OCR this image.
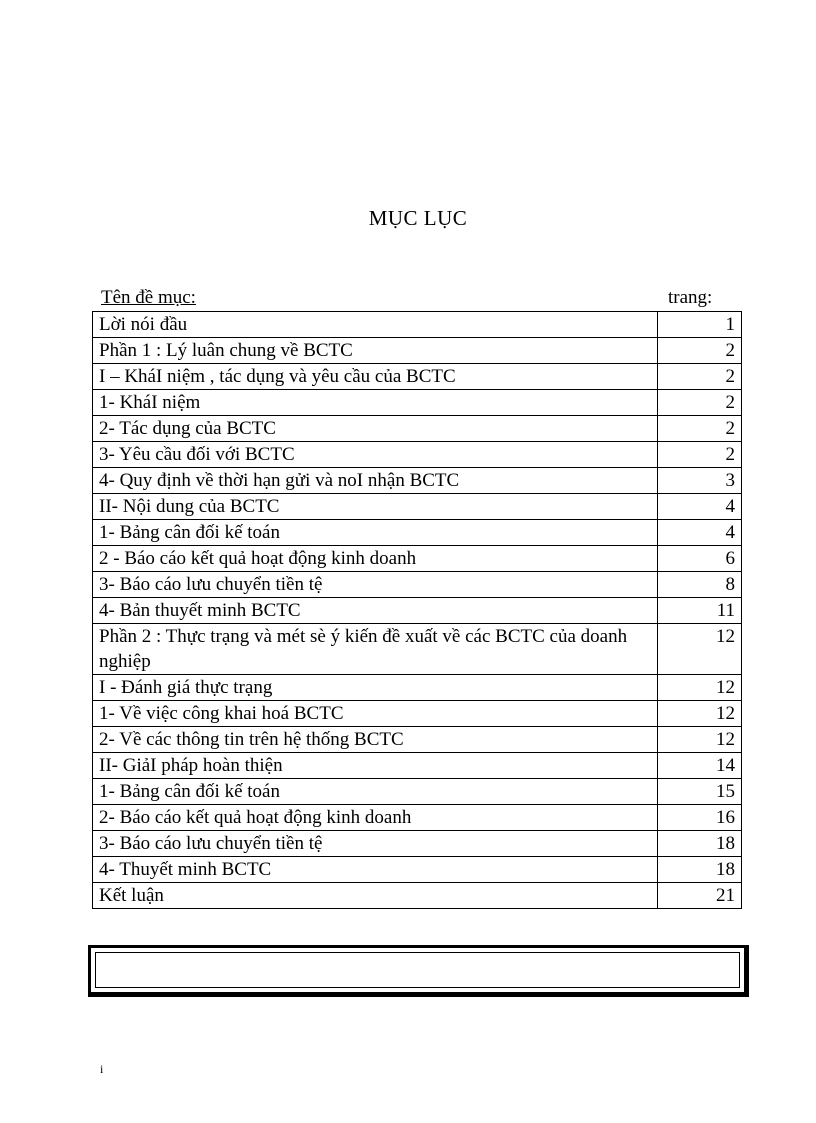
MỤC LỤC
Tên đề mục:	trang:
Lời nói đầu	1
Phần 1 : Lý luân chung về BCTC	2
I – KháI niệm , tác dụng và yêu cầu của BCTC	2
1- KháI niệm	2
2- Tác dụng của BCTC	2
3- Yêu cầu đối với BCTC	2
4- Quy định về thời hạn gửi và noI nhận BCTC	3
II- Nội dung của BCTC	4
1- Bảng cân đối kế toán	4
2 - Báo cáo kết quả hoạt động kinh doanh	6
3- Báo cáo lưu chuyển tiền tệ	8
4- Bản thuyết minh BCTC	11
Phần 2 : Thực trạng và mét sè ý kiến đề xuất về các BCTC của doanh nghiệp	12
I - Đánh giá thực trạng	12
1- Về việc công khai hoá BCTC	12
2- Về các thông tin trên hệ thống BCTC	12
II- GiảI pháp hoàn thiện	14
1- Bảng cân đối kế toán	15
2- Báo cáo kết quả hoạt động kinh doanh	16
3- Báo cáo lưu chuyển tiền tệ	18
4- Thuyết minh BCTC	18
Kết luận	21
i
